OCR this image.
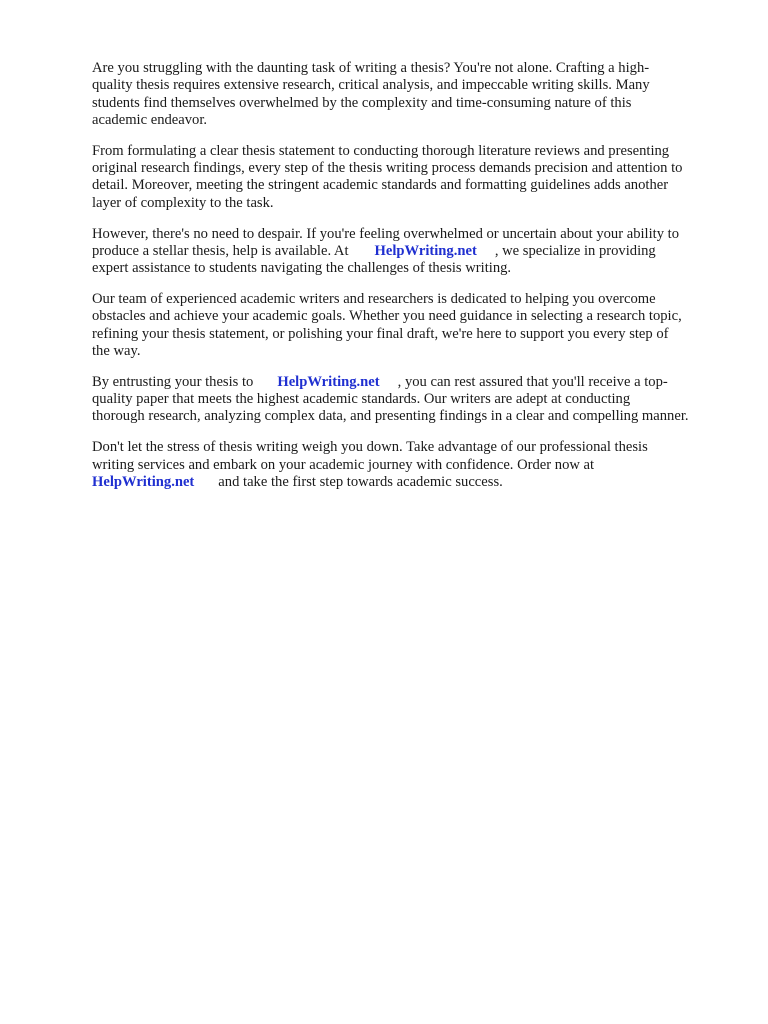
Are you struggling with the daunting task of writing a thesis? You're not alone. Crafting a high-
quality thesis requires extensive research, critical analysis, and impeccable writing skills. Many
students find themselves overwhelmed by the complexity and time-consuming nature of this
academic endeavor.

From formulating a clear thesis statement to conducting thorough literature reviews and presenting
original research findings, every step of the thesis writing process demands precision and attention to
detail. Moreover, meeting the stringent academic standards and formatting guidelines adds another
layer of complexity to the task.

However, there's no need to despair. If you're feeling overwhelmed or uncertain about your ability to
produce a stellar thesis, help is available. At HelpWriting.net , we specialize in providing
expert assistance to students navigating the challenges of thesis writing.

Our team of experienced academic writers and researchers is dedicated to helping you overcome
obstacles and achieve your academic goals. Whether you need guidance in selecting a research topic,
refining your thesis statement, or polishing your final draft, we're here to support you every step of
the way.

By entrusting your thesis to HelpWriting.net , you can rest assured that you'll receive a top-
quality paper that meets the highest academic standards. Our writers are adept at conducting
thorough research, analyzing complex data, and presenting findings in a clear and compelling manner.

Don't let the stress of thesis writing weigh you down. Take advantage of our professional thesis
writing services and embark on your academic journey with confidence. Order now at
HelpWriting.net and take the first step towards academic success.
